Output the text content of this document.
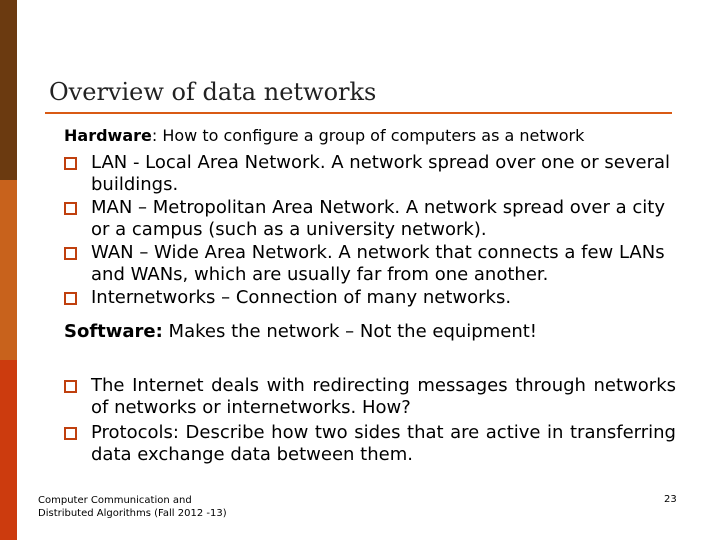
Overview of data networks
Hardware: How to configure a group of computers as a network
LAN - Local Area Network. A network spread over one or several buildings.
MAN – Metropolitan Area Network. A network spread over a city or a campus (such as a university network).
WAN – Wide Area Network. A network that connects a few LANs and WANs, which are usually far from one another.
Internetworks – Connection of many networks.
Software: Makes the network – Not the equipment!
The Internet deals with redirecting messages through networks of networks or internetworks. How?
Protocols: Describe how two sides that are active in transferring data exchange data between them.
Computer Communication and Distributed Algorithms (Fall 2012 -13)
23
